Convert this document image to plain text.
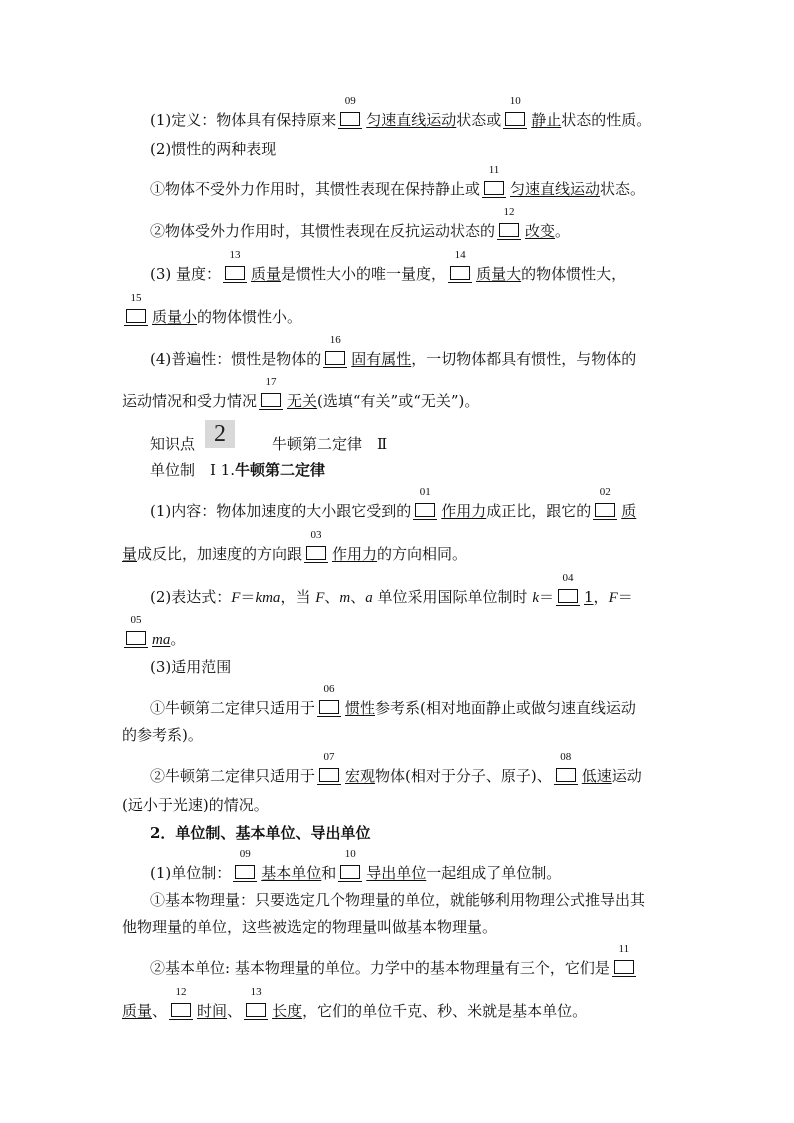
(1)定义：物体具有保持原来
09
匀速直线运动状态或
10
静止状态的性质。
(2)惯性的两种表现
①物体不受外力作用时，其惯性表现在保持静止或
11
匀速直线运动状态。
②物体受外力作用时，其惯性表现在反抗运动状态的
12
改变。
(3) 量度：
13
质量是惯性大小的唯一量度，
14
质量大的物体惯性大，
15
质量小的物体惯性小。
(4)普遍性：惯性是物体的
16
固有属性，一切物体都具有惯性，与物体的
运动情况和受力情况
17
无关(选填“有关”或“无关”)。
知识点 2	牛顿第二定律　Ⅱ
单位制　Ⅰ 1.牛顿第二定律
(1)内容：物体加速度的大小跟它受到的
01
作用力成正比，跟它的
02
质
量成反比，加速度的方向跟
03
作用力的方向相同。
(2)表达式：F＝kma，当 F、m、a 单位采用国际单位制时 k＝
04
1，F＝
05
ma。
(3)适用范围
①牛顿第二定律只适用于
06
惯性参考系(相对地面静止或做匀速直线运动
的参考系)。
②牛顿第二定律只适用于
07
宏观物体(相对于分子、原子)、
08
低速运动
(远小于光速)的情况。
2．单位制、基本单位、导出单位
(1)单位制：
09
基本单位和
10
导出单位一起组成了单位制。
①基本物理量：只要选定几个物理量的单位，就能够利用物理公式推导出其
他物理量的单位，这些被选定的物理量叫做基本物理量。
②基本单位: 基本物理量的单位。力学中的基本物理量有三个，它们是
11
质量、
12
时间、
13
长度，它们的单位千克、秒、米就是基本单位。
